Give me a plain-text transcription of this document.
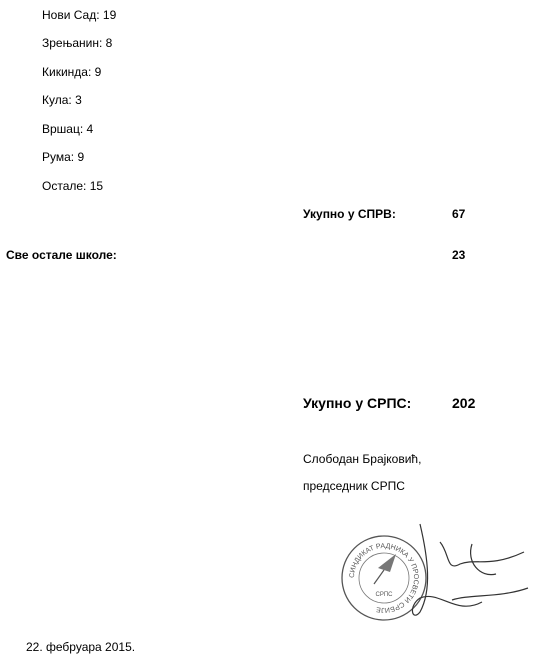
Нови Сад: 19
Зрењанин: 8
Кикинда: 9
Кула: 3
Вршац: 4
Рума: 9
Остале: 15
Укупно у СПРВ:	67
Све остале школе:	23
Укупно у СРПС:	202
Слободан Брајковић,
председник СРПС
СИНДИКАТ РАДНИКА У ПРОСВЕТИ СРБИЈЕ
СРПС
22. фебруара 2015.
